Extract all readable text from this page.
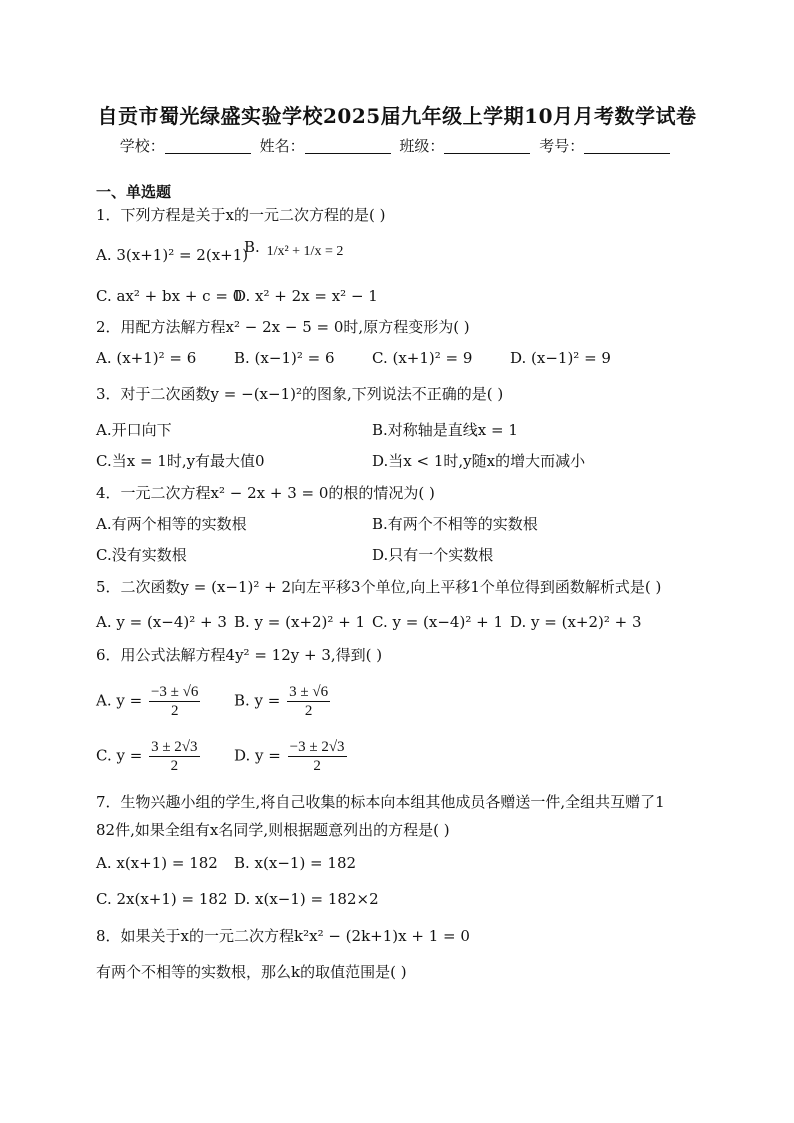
自贡市蜀光绿盛实验学校2025届九年级上学期10月月考数学试卷
学校：	姓名：	班级：	考号：
一、单选题
1．下列方程是关于x的一元二次方程的是( )
A. 3(x+1)² = 2(x+1)
B. 1/x² + 1/x = 2
C. ax² + bx + c = 0
D. x² + 2x = x² − 1
2．用配方法解方程x² − 2x − 5 = 0时,原方程变形为( )
A. (x+1)² = 6	B. (x−1)² = 6	C. (x+1)² = 9	D. (x−1)² = 9
3．对于二次函数y = −(x−1)²的图象,下列说法不正确的是( )
A.开口向下	B.对称轴是直线x = 1
C.当x = 1时,y有最大值0	D.当x < 1时,y随x的增大而减小
4．一元二次方程x² − 2x + 3 = 0的根的情况为( )
A.有两个相等的实数根	B.有两个不相等的实数根
C.没有实数根	D.只有一个实数根
5．二次函数y = (x−1)² + 2向左平移3个单位,向上平移1个单位得到函数解析式是( )
A. y = (x−4)² + 3 B. y = (x+2)² + 1 C. y = (x−4)² + 1 D. y = (x+2)² + 3
6．用公式法解方程4y² = 12y + 3,得到( )
A. $y = \frac{-3 \pm √6}{2} B$. $y = \frac{3 \pm √6}{2}$
C. $y = \frac{3 \pm 2√3}{2} D$. $y = \frac{-3 \pm 2√3}{2}$
7．生物兴趣小组的学生,将自己收集的标本向本组其他成员各赠送一件,全组共互赠了1
82件,如果全组有x名同学,则根据题意列出的方程是( )
A. x(x+1) = 182 B. x(x−1) = 182
C. 2x(x+1) = 182 D. x(x−1) = 182×2
8．如果关于x的一元二次方程k²x² − (2k+1)x + 1 = 0
有两个不相等的实数根，那么k的取值范围是( )
